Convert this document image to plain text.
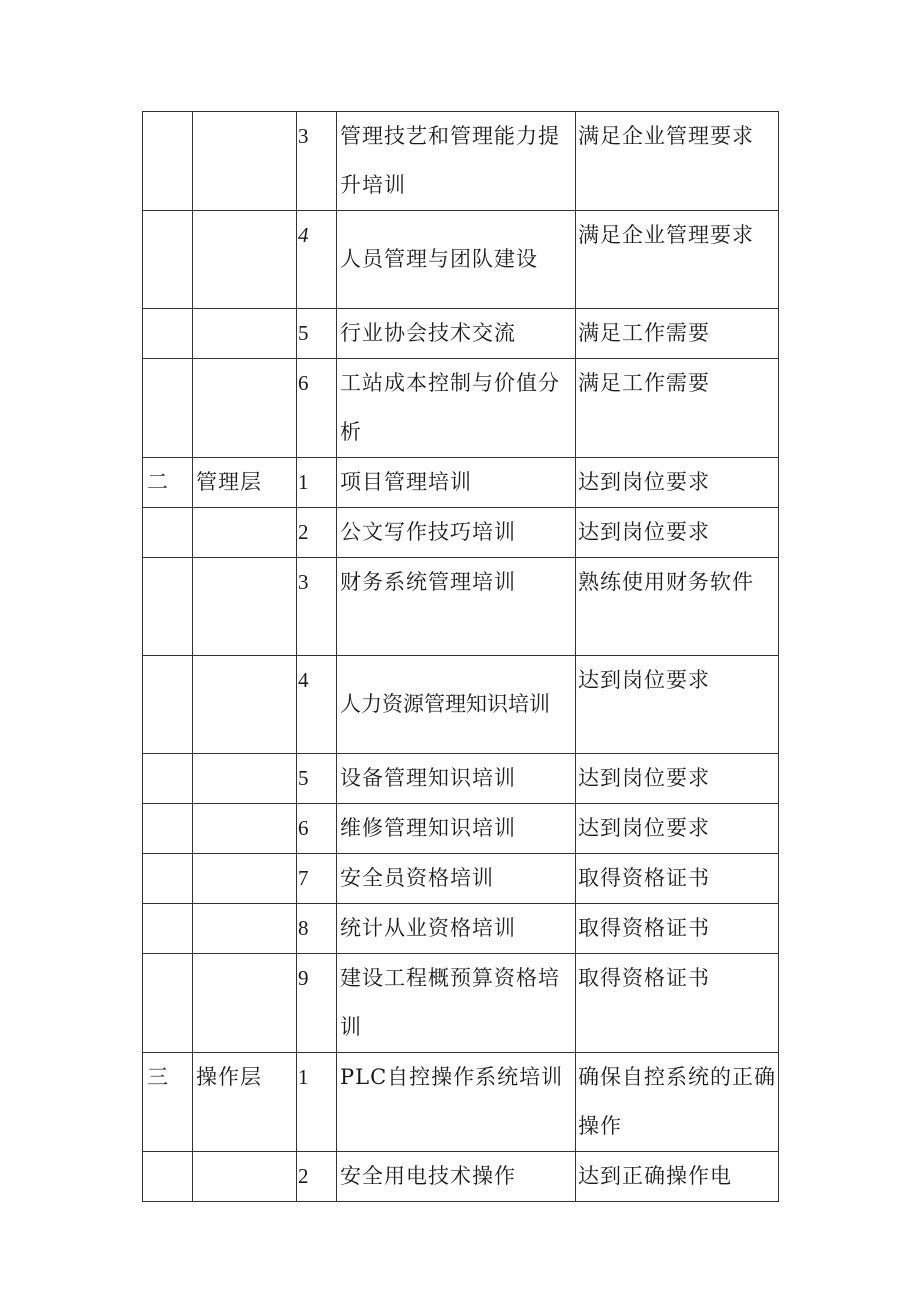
		3	管理技艺和管理能力提升培训	满足企业管理要求
		4	人员管理与团队建设	满足企业管理要求
		5	行业协会技术交流	满足工作需要
		6	工站成本控制与价值分析	满足工作需要
二	管理层	1	项目管理培训	达到岗位要求
		2	公文写作技巧培训	达到岗位要求
		3	财务系统管理培训	熟练使用财务软件
		4	人力资源管理知识培训	达到岗位要求
		5	设备管理知识培训	达到岗位要求
		6	维修管理知识培训	达到岗位要求
		7	安全员资格培训	取得资格证书
		8	统计从业资格培训	取得资格证书
		9	建设工程概预算资格培训	取得资格证书
三	操作层	1	PLC自控操作系统培训	确保自控系统的正确操作
		2	安全用电技术操作	达到正确操作电
